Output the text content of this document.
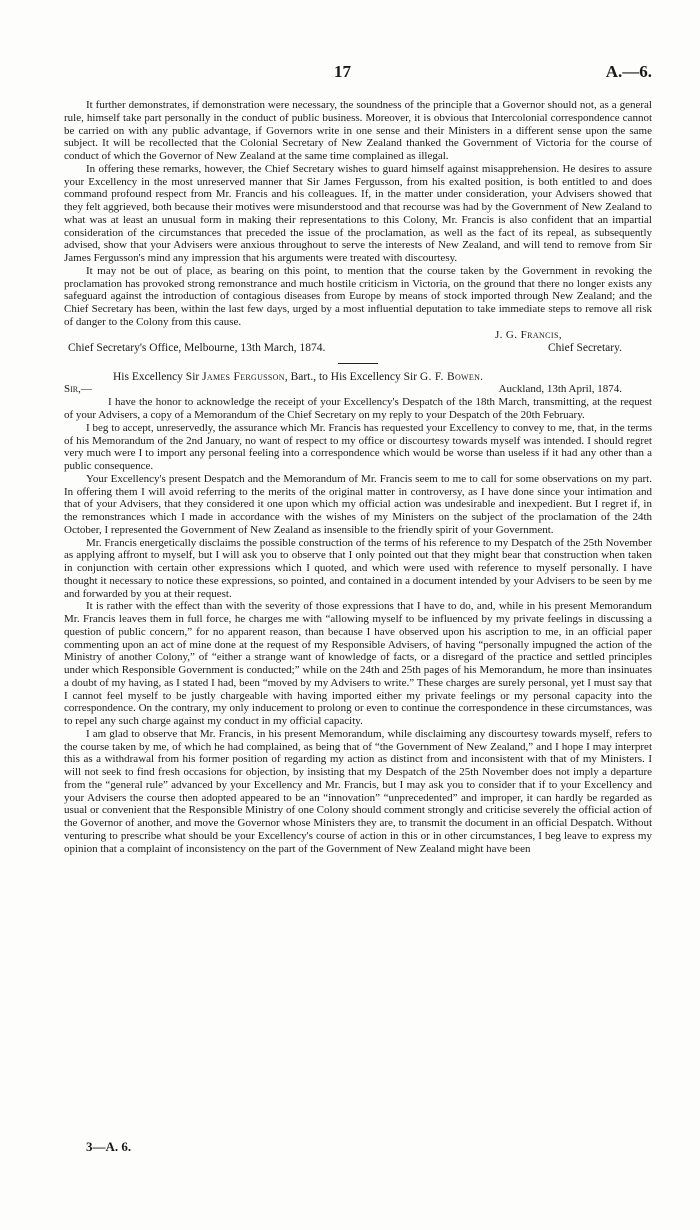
17	A.—6.

It further demonstrates, if demonstration were necessary, the soundness of the principle that a Governor should not, as a general rule, himself take part personally in the conduct of public business. Moreover, it is obvious that Intercolonial correspondence cannot be carried on with any public advantage, if Governors write in one sense and their Ministers in a different sense upon the same subject. It will be recollected that the Colonial Secretary of New Zealand thanked the Government of Victoria for the course of conduct of which the Governor of New Zealand at the same time complained as illegal.

In offering these remarks, however, the Chief Secretary wishes to guard himself against misapprehension. He desires to assure your Excellency in the most unreserved manner that Sir James Fergusson, from his exalted position, is both entitled to and does command profound respect from Mr. Francis and his colleagues. If, in the matter under consideration, your Advisers showed that they felt aggrieved, both because their motives were misunderstood and that recourse was had by the Government of New Zealand to what was at least an unusual form in making their representations to this Colony, Mr. Francis is also confident that an impartial consideration of the circumstances that preceded the issue of the proclamation, as well as the fact of its repeal, as subsequently advised, show that your Advisers were anxious throughout to serve the interests of New Zealand, and will tend to remove from Sir James Fergusson's mind any impression that his arguments were treated with discourtesy.

It may not be out of place, as bearing on this point, to mention that the course taken by the Government in revoking the proclamation has provoked strong remonstrance and much hostile criticism in Victoria, on the ground that there no longer exists any safeguard against the introduction of contagious diseases from Europe by means of stock imported through New Zealand; and the Chief Secretary has been, within the last few days, urged by a most influential deputation to take immediate steps to remove all risk of danger to the Colony from this cause.

J. G. Francis,
Chief Secretary's Office, Melbourne, 13th March, 1874.	Chief Secretary.

His Excellency Sir James Fergusson, Bart., to His Excellency Sir G. F. Bowen.

Sir,—	Auckland, 13th April, 1874.

I have the honor to acknowledge the receipt of your Excellency's Despatch of the 18th March, transmitting, at the request of your Advisers, a copy of a Memorandum of the Chief Secretary on my reply to your Despatch of the 20th February.

I beg to accept, unreservedly, the assurance which Mr. Francis has requested your Excellency to convey to me, that, in the terms of his Memorandum of the 2nd January, no want of respect to my office or discourtesy towards myself was intended. I should regret very much were I to import any personal feeling into a correspondence which would be worse than useless if it had any other than a public consequence.

Your Excellency's present Despatch and the Memorandum of Mr. Francis seem to me to call for some observations on my part. In offering them I will avoid referring to the merits of the original matter in controversy, as I have done since your intimation and that of your Advisers, that they considered it one upon which my official action was undesirable and inexpedient. But I regret if, in the remonstrances which I made in accordance with the wishes of my Ministers on the subject of the proclamation of the 24th October, I represented the Government of New Zealand as insensible to the friendly spirit of your Government.

Mr. Francis energetically disclaims the possible construction of the terms of his reference to my Despatch of the 25th November as applying affront to myself, but I will ask you to observe that I only pointed out that they might bear that construction when taken in conjunction with certain other expressions which I quoted, and which were used with reference to myself personally. I have thought it necessary to notice these expressions, so pointed, and contained in a document intended by your Advisers to be seen by me and forwarded by you at their request.

It is rather with the effect than with the severity of those expressions that I have to do, and, while in his present Memorandum Mr. Francis leaves them in full force, he charges me with “allowing myself to be influenced by my private feelings in discussing a question of public concern,” for no apparent reason, than because I have observed upon his ascription to me, in an official paper commenting upon an act of mine done at the request of my Responsible Advisers, of having “personally impugned the action of the Ministry of another Colony,” of “either a strange want of knowledge of facts, or a disregard of the practice and settled principles under which Responsible Government is conducted;” while on the 24th and 25th pages of his Memorandum, he more than insinuates a doubt of my having, as I stated I had, been “moved by my Advisers to write.” These charges are surely personal, yet I must say that I cannot feel myself to be justly chargeable with having imported either my private feelings or my personal capacity into the correspondence. On the contrary, my only inducement to prolong or even to continue the correspondence in these circumstances, was to repel any such charge against my conduct in my official capacity.

I am glad to observe that Mr. Francis, in his present Memorandum, while disclaiming any discourtesy towards myself, refers to the course taken by me, of which he had complained, as being that of “the Government of New Zealand,” and I hope I may interpret this as a withdrawal from his former position of regarding my action as distinct from and inconsistent with that of my Ministers. I will not seek to find fresh occasions for objection, by insisting that my Despatch of the 25th November does not imply a departure from the “general rule” advanced by your Excellency and Mr. Francis, but I may ask you to consider that if to your Excellency and your Advisers the course then adopted appeared to be an “innovation” “unprecedented” and improper, it can hardly be regarded as usual or convenient that the Responsible Ministry of one Colony should comment strongly and criticise severely the official action of the Governor of another, and move the Governor whose Ministers they are, to transmit the document in an official Despatch. Without venturing to prescribe what should be your Excellency's course of action in this or in other circumstances, I beg leave to express my opinion that a complaint of inconsistency on the part of the Government of New Zealand might have been

3—A. 6.
